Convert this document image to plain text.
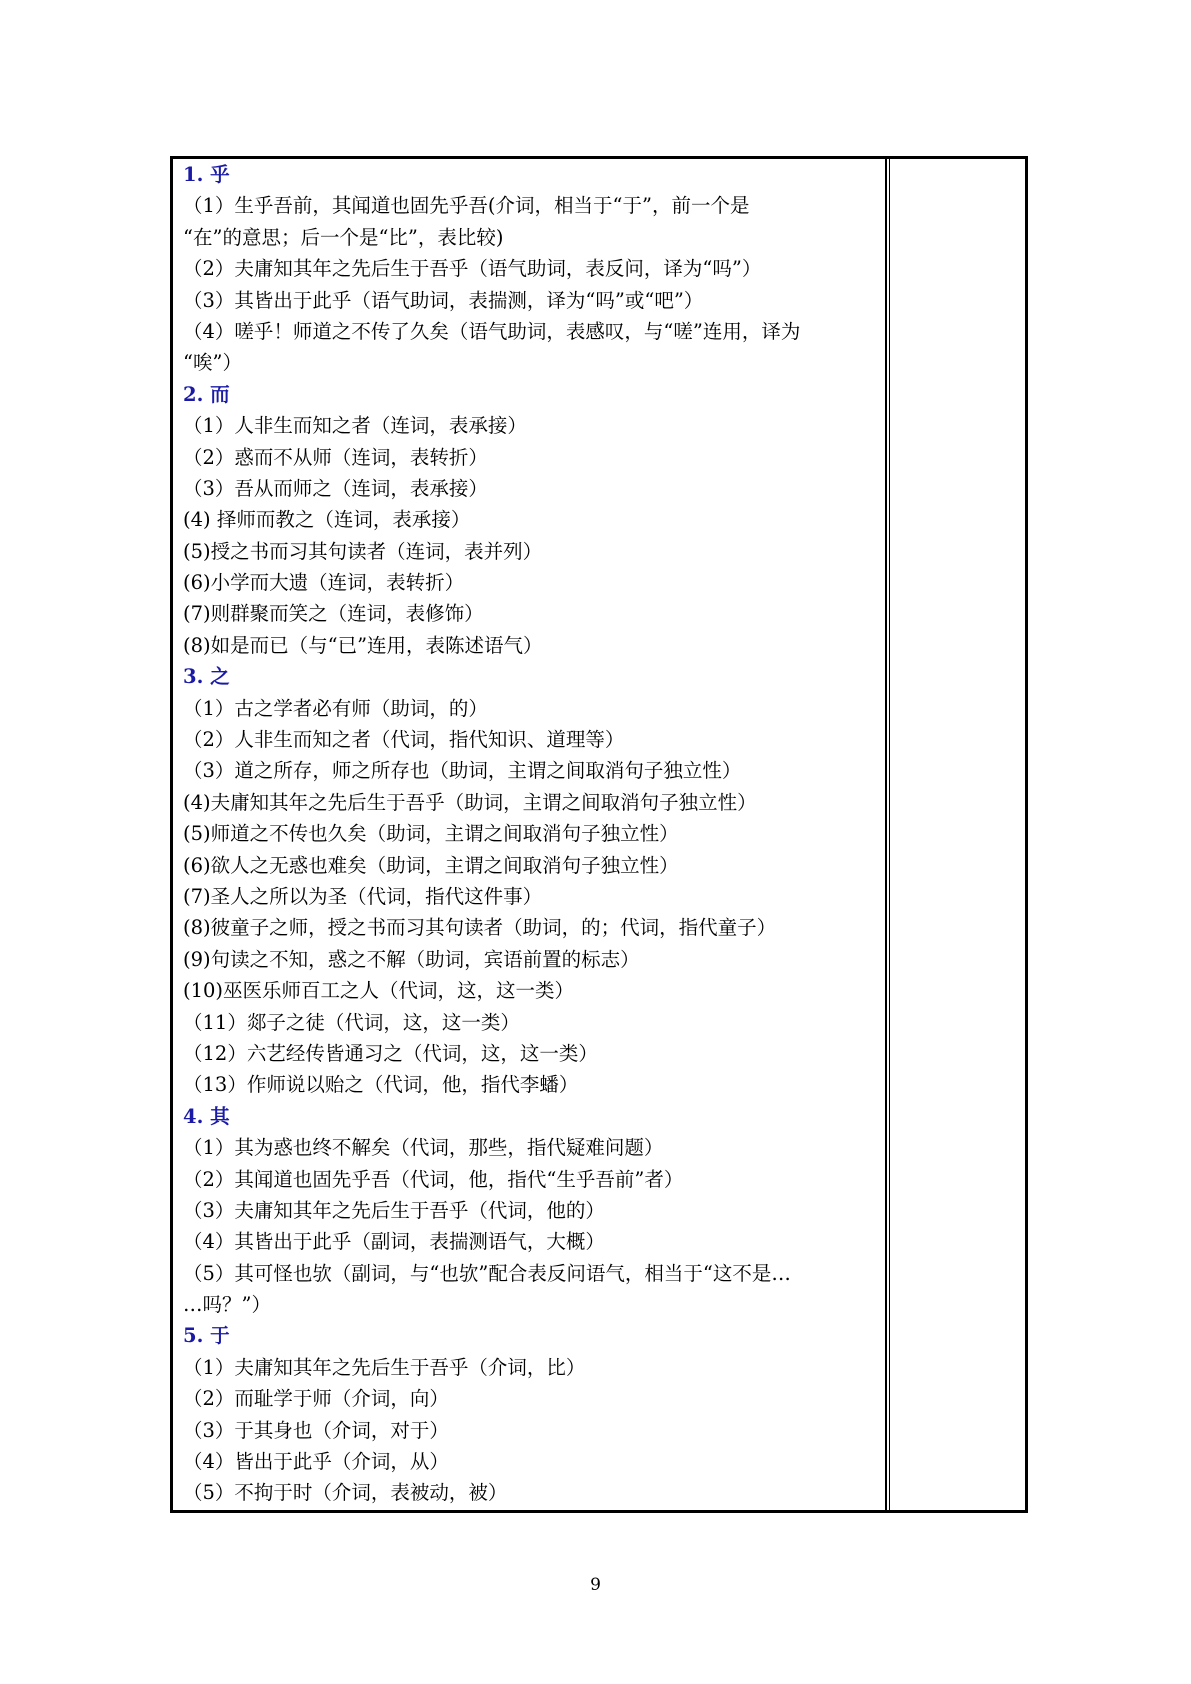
1. 乎
（1）生乎吾前，其闻道也固先乎吾(介词，相当于“于”，前一个是
“在”的意思；后一个是“比”，表比较)
（2）夫庸知其年之先后生于吾乎（语气助词，表反问，译为“吗”）
（3）其皆出于此乎（语气助词，表揣测，译为“吗”或“吧”）
（4）嗟乎！师道之不传了久矣（语气助词，表感叹，与“嗟”连用，译为
“唉”）
2. 而
（1）人非生而知之者（连词，表承接）
（2）惑而不从师（连词，表转折）
（3）吾从而师之（连词，表承接）
(4) 择师而教之（连词，表承接）
(5)授之书而习其句读者（连词，表并列）
(6)小学而大遗（连词，表转折）
(7)则群聚而笑之（连词，表修饰）
(8)如是而已（与“已”连用，表陈述语气）
3. 之
（1）古之学者必有师（助词，的）
（2）人非生而知之者（代词，指代知识、道理等）
（3）道之所存，师之所存也（助词，主谓之间取消句子独立性）
(4)夫庸知其年之先后生于吾乎（助词，主谓之间取消句子独立性）
(5)师道之不传也久矣（助词，主谓之间取消句子独立性）
(6)欲人之无惑也难矣（助词，主谓之间取消句子独立性）
(7)圣人之所以为圣（代词，指代这件事）
(8)彼童子之师，授之书而习其句读者（助词，的；代词，指代童子）
(9)句读之不知，惑之不解（助词，宾语前置的标志）
(10)巫医乐师百工之人（代词，这，这一类）
（11）郯子之徒（代词，这，这一类）
（12）六艺经传皆通习之（代词，这，这一类）
（13）作师说以贻之（代词，他，指代李蟠）
4. 其
（1）其为惑也终不解矣（代词，那些，指代疑难问题）
（2）其闻道也固先乎吾（代词，他，指代“生乎吾前”者）
（3）夫庸知其年之先后生于吾乎（代词，他的）
（4）其皆出于此乎（副词，表揣测语气，大概）
（5）其可怪也欤（副词，与“也欤”配合表反问语气，相当于“这不是…
…吗？”）
5. 于
（1）夫庸知其年之先后生于吾乎（介词，比）
（2）而耻学于师（介词，向）
（3）于其身也（介词，对于）
（4）皆出于此乎（介词，从）
（5）不拘于时（介词，表被动，被）
9
